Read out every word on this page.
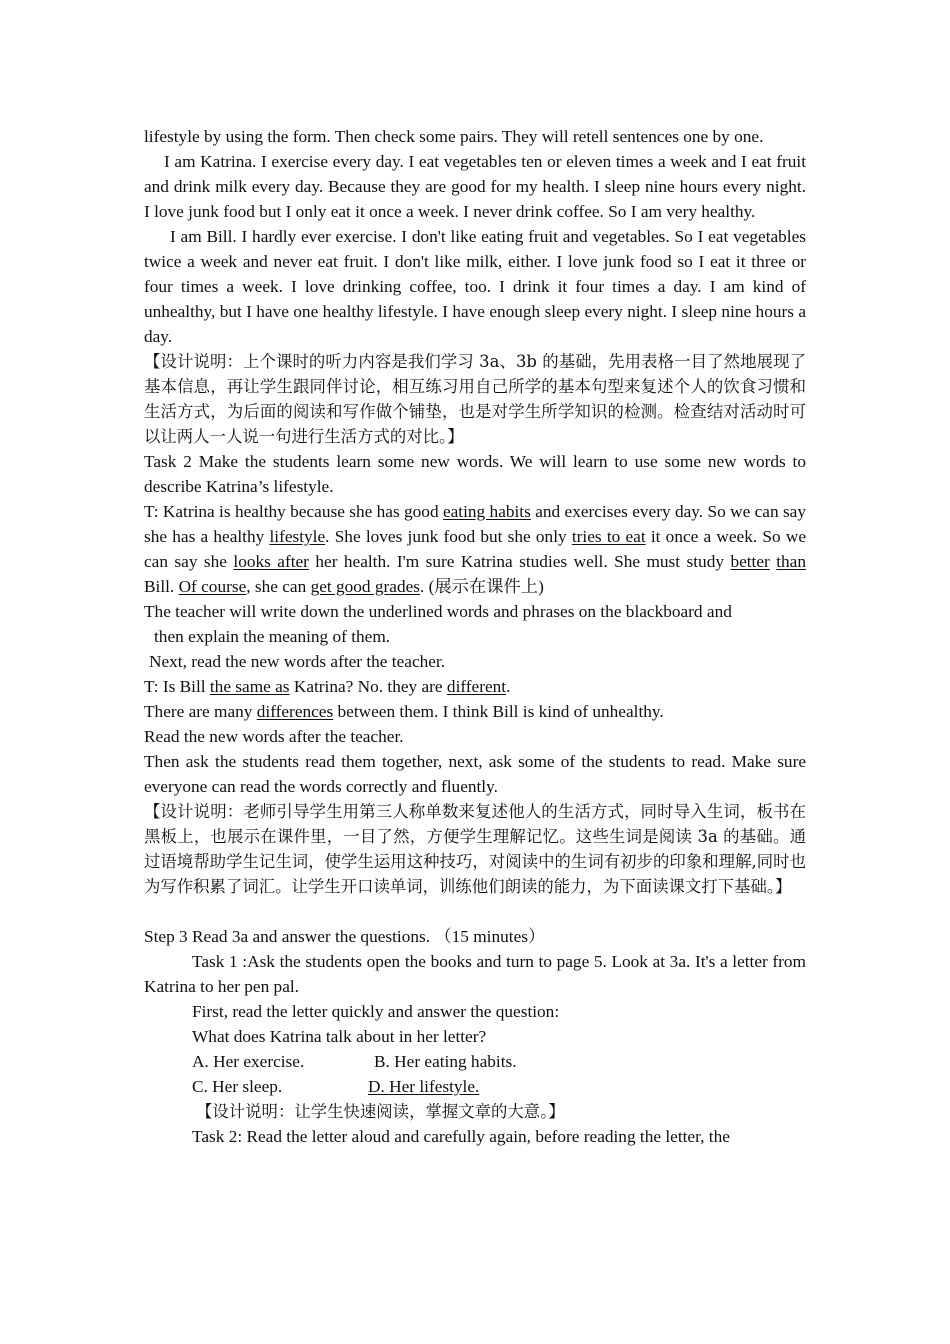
lifestyle by using the form. Then check some pairs. They will retell sentences one by one.

I am Katrina. I exercise every day. I eat vegetables ten or eleven times a week and I eat fruit and drink milk every day. Because they are good for my health. I sleep nine hours every night. I love junk food but I only eat it once a week. I never drink coffee. So I am very healthy.

I am Bill. I hardly ever exercise. I don't like eating fruit and vegetables. So I eat vegetables twice a week and never eat fruit. I don't like milk, either. I love junk food so I eat it three or four times a week. I love drinking coffee, too. I drink it four times a day. I am kind of unhealthy, but I have one healthy lifestyle. I have enough sleep every night. I sleep nine hours a day.

【设计说明：上个课时的听力内容是我们学习 3a、3b 的基础，先用表格一目了然地展现了基本信息，再让学生跟同伴讨论，相互练习用自己所学的基本句型来复述个人的饮食习惯和生活方式，为后面的阅读和写作做个铺垫，也是对学生所学知识的检测。检查结对活动时可以让两人一人说一句进行生活方式的对比。】

Task 2 Make the students learn some new words. We will learn to use some new words to describe Katrina’s lifestyle.

T: Katrina is healthy because she has good eating habits and exercises every day. So we can say she has a healthy lifestyle. She loves junk food but she only tries to eat it once a week. So we can say she looks after her health. I'm sure Katrina studies well. She must study better than Bill. Of course, she can get good grades. (展示在课件上)

The teacher will write down the underlined words and phrases on the blackboard and

then explain the meaning of them.

Next, read the new words after the teacher.

T: Is Bill the same as Katrina? No. they are different.

There are many differences between them. I think Bill is kind of unhealthy.

Read the new words after the teacher.

Then ask the students read them together, next, ask some of the students to read. Make sure everyone can read the words correctly and fluently.

【设计说明：老师引导学生用第三人称单数来复述他人的生活方式，同时导入生词，板书在黑板上，也展示在课件里，一目了然，方便学生理解记忆。这些生词是阅读 3a 的基础。通过语境帮助学生记生词，使学生运用这种技巧，对阅读中的生词有初步的印象和理解,同时也为写作积累了词汇。让学生开口读单词，训练他们朗读的能力，为下面读课文打下基础。】

Step 3 Read 3a and answer the questions. （15 minutes）

Task 1 :Ask the students open the books and turn to page 5. Look at 3a. It's a letter from Katrina to her pen pal.

First, read the letter quickly and answer the question:

What does Katrina talk about in her letter?

A. Her exercise.	B. Her eating habits.

C. Her sleep.	D. Her lifestyle.

【设计说明：让学生快速阅读，掌握文章的大意。】

Task 2: Read the letter aloud and carefully again, before reading the letter, the
